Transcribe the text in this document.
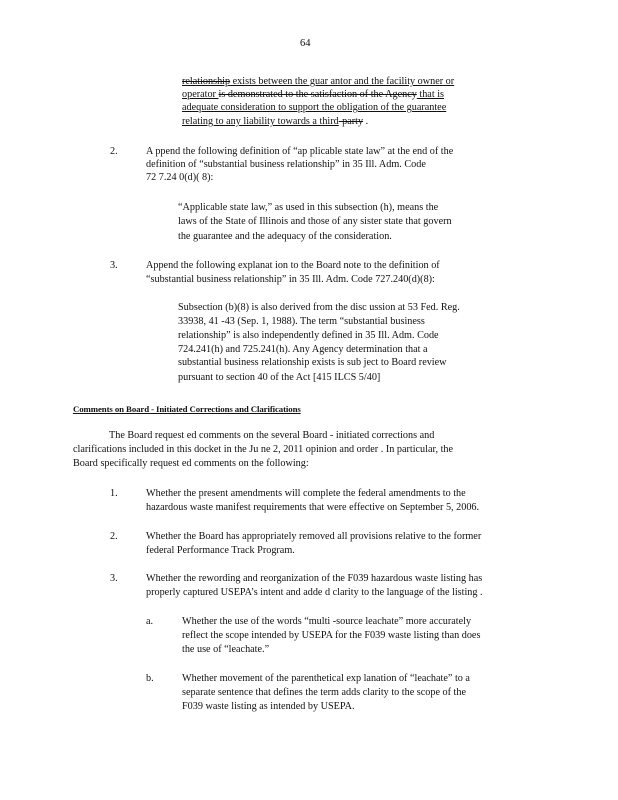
64
relationship exists between the guar antor and the facility owner or
operator is demonstrated to the satisfaction of the Agency that is
adequate consideration to support the obligation of the guarantee
relating to any liability towards a third-party .
2.	A ppend the following definition of “ap plicable state law” at the end of the
definition of “substantial business relationship” in 35 Ill. Adm. Code
72 7.24 0(d)( 8):
“Applicable state law,” as used in this subsection (h), means the
laws of the State of Illinois and those of any sister state that govern
the guarantee and the adequacy of the consideration.
3.	Append the following explanat ion to the Board note to the definition of
“substantial business relationship” in 35 Ill. Adm. Code 727.240(d)(8):
Subsection (b)(8) is also derived from the disc ussion at 53 Fed. Reg.
33938, 41 -43 (Sep. 1, 1988). The term “substantial business
relationship” is also independently defined in 35 Ill. Adm. Code
724.241(h) and 725.241(h). Any Agency determination that a
substantial business relationship exists is sub ject to Board review
pursuant to section 40 of the Act [415 ILCS 5/40]
Comments on Board - Initiated Corrections and Clarifications
The Board request ed comments on the several Board - initiated corrections and
clarifications included in this docket in the Ju ne 2, 2011 opinion and order . In particular, the
Board specifically request ed comments on the following:
1.	Whether the present amendments will complete the federal amendments to the
hazardous waste manifest requirements that were effective on September 5, 2006.
2.	Whether the Board has appropriately removed all provisions relative to the former
federal Performance Track Program.
3.	Whether the rewording and reorganization of the F039 hazardous waste listing has
properly captured USEPA’s intent and adde d clarity to the language of the listing .
a.	Whether the use of the words “multi -source leachate” more accurately
reflect the scope intended by USEPA for the F039 waste listing than does
the use of “leachate.”
b.	Whether movement of the parenthetical exp lanation of “leachate” to a
separate sentence that defines the term adds clarity to the scope of the
F039 waste listing as intended by USEPA.
